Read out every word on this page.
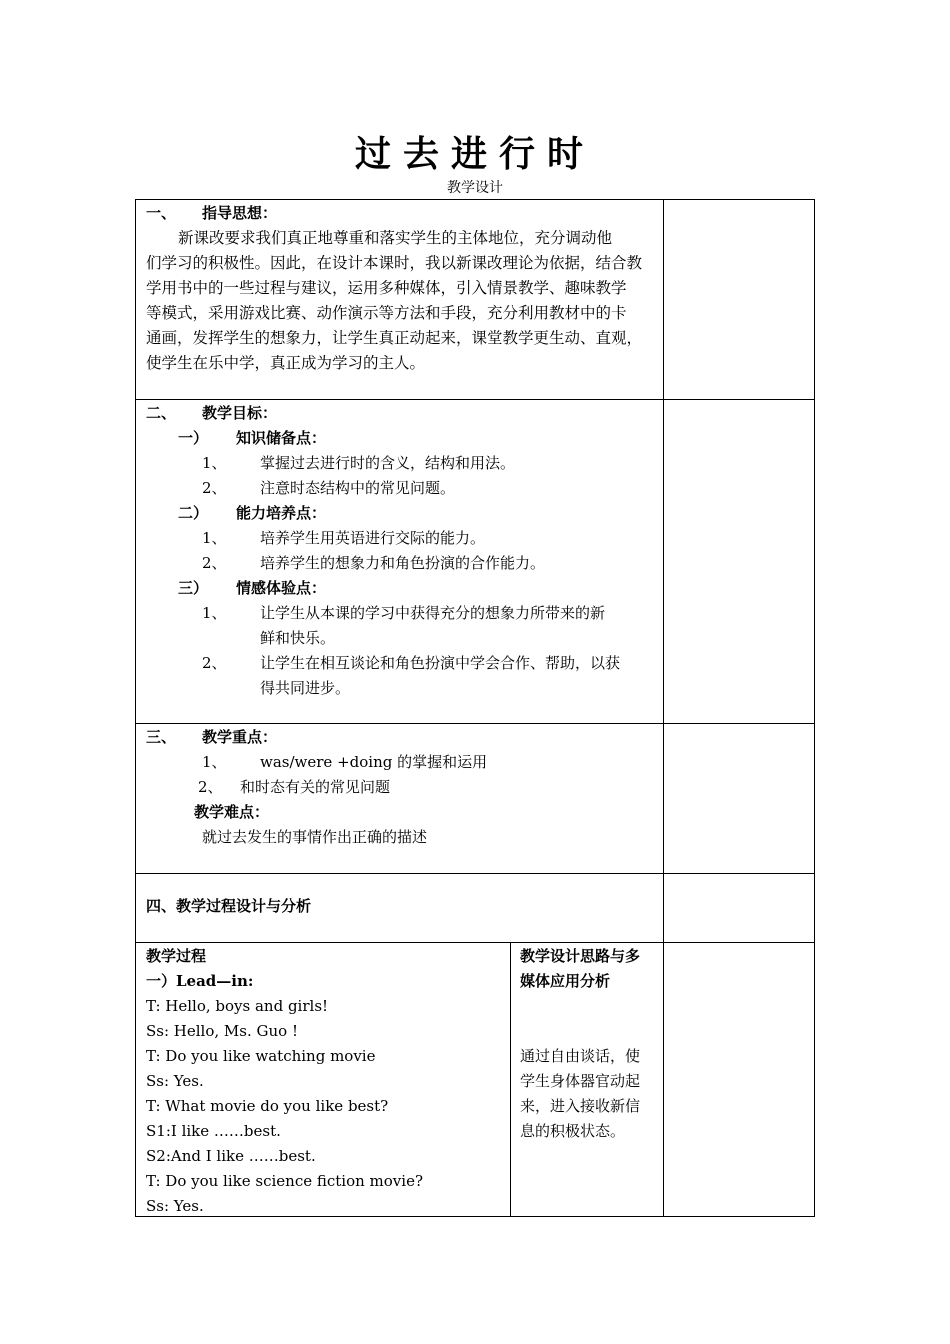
过去进行时
教学设计
一、 指导思想：
新课改要求我们真正地尊重和落实学生的主体地位，充分调动他
们学习的积极性。因此，在设计本课时，我以新课改理论为依据，结合教
学用书中的一些过程与建议，运用多种媒体，引入情景教学、趣味教学
等模式，采用游戏比赛、动作演示等方法和手段，充分利用教材中的卡
通画，发挥学生的想象力，让学生真正动起来，课堂教学更生动、直观，
使学生在乐中学，真正成为学习的主人。
二、 教学目标：
一） 知识储备点：
1、 掌握过去进行时的含义，结构和用法。
2、 注意时态结构中的常见问题。
二） 能力培养点：
1、 培养学生用英语进行交际的能力。
2、 培养学生的想象力和角色扮演的合作能力。
三） 情感体验点：
1、 让学生从本课的学习中获得充分的想象力所带来的新
鲜和快乐。
2、 让学生在相互谈论和角色扮演中学会合作、帮助，以获
得共同进步。
三、 教学重点：
1、 was/were +doing 的掌握和运用
2、 和时态有关的常见问题
教学难点：
就过去发生的事情作出正确的描述
四、教学过程设计与分析
教学过程
一）Lead—in:
T: Hello, boys and girls!
Ss: Hello, Ms. Guo !
T: Do you like watching movie
Ss: Yes.
T: What movie do you like best?
S1:I like ……best.
S2:And I like ……best.
T: Do you like science fiction movie?
Ss: Yes.
教学设计思路与多
媒体应用分析
通过自由谈话，使
学生身体器官动起
来，进入接收新信
息的积极状态。
